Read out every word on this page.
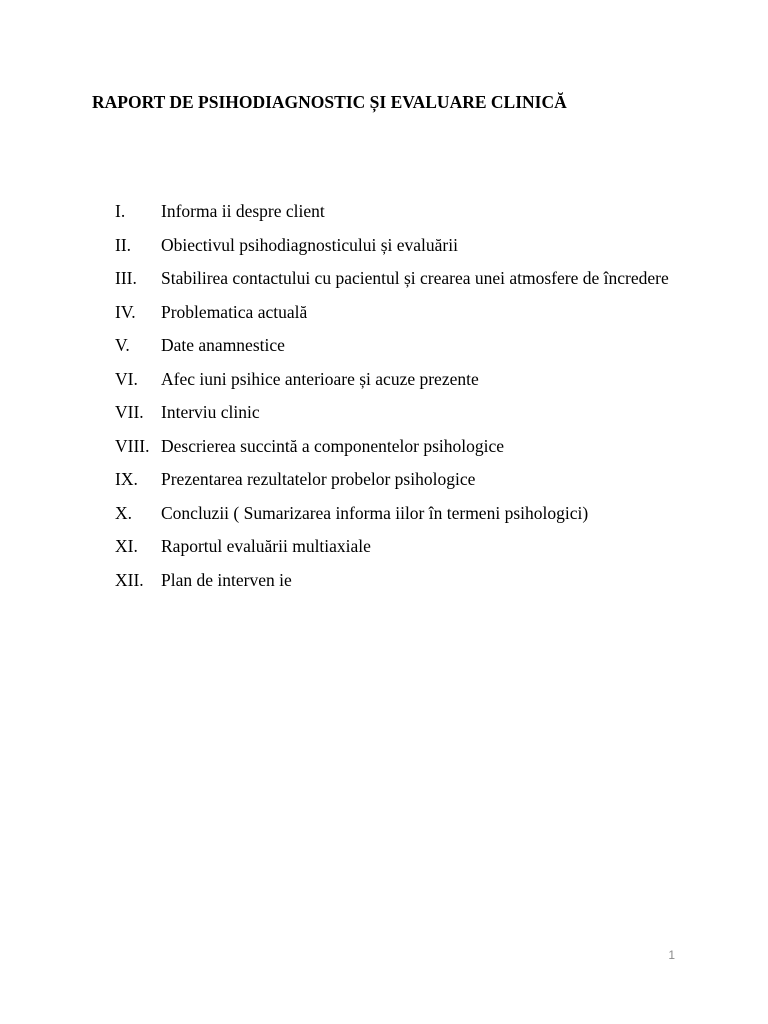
RAPORT DE PSIHODIAGNOSTIC ȘI EVALUARE CLINICĂ
I.	Informa ii despre client
II.	Obiectivul psihodiagnosticului și evaluării
III.	Stabilirea contactului cu pacientul și crearea unei atmosfere de încredere
IV.	Problematica actuală
V.	Date anamnestice
VI.	Afec iuni psihice anterioare și acuze prezente
VII. Interviu clinic
VIII. Descrierea succintă a componentelor psihologice
IX.	Prezentarea rezultatelor probelor psihologice
X.	Concluzii ( Sumarizarea informa iilor în termeni psihologici)
XI.	Raportul evaluării multiaxiale
XII. Plan de interven ie
1
